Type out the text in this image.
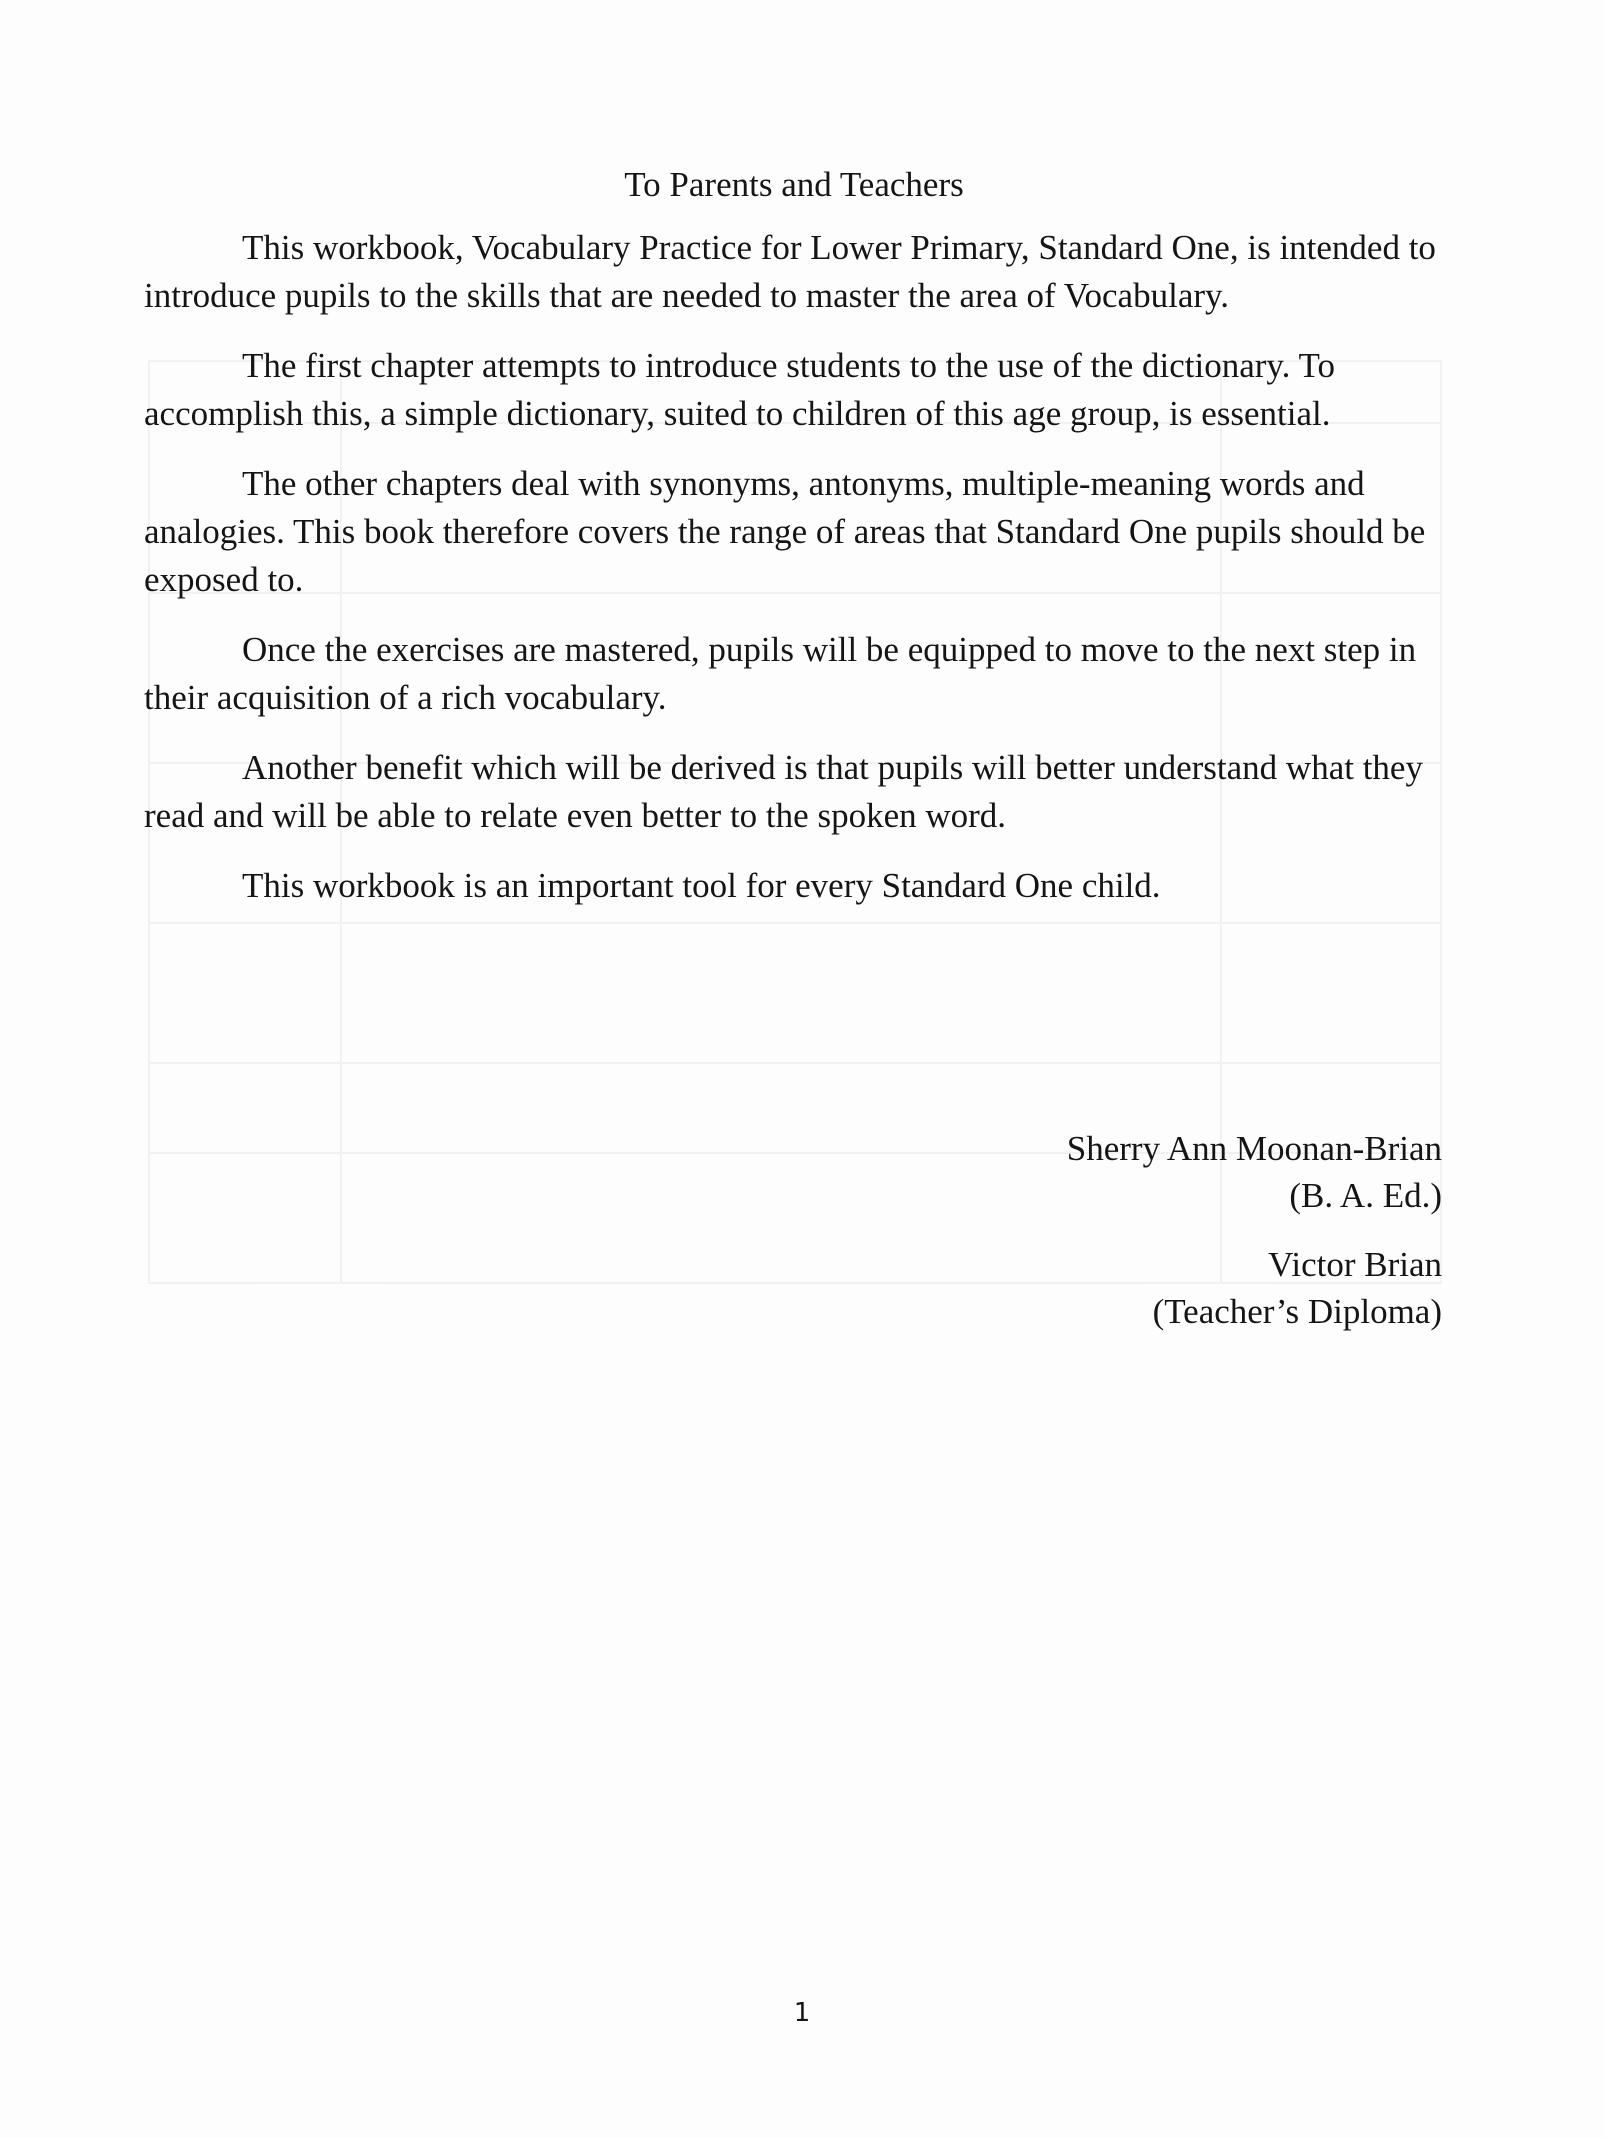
To Parents and Teachers

This workbook, Vocabulary Practice for Lower Primary, Standard One, is intended to introduce pupils to the skills that are needed to master the area of Vocabulary.

The first chapter attempts to introduce students to the use of the dictionary. To accomplish this, a simple dictionary, suited to children of this age group, is essential.

The other chapters deal with synonyms, antonyms, multiple-meaning words and analogies. This book therefore covers the range of areas that Standard One pupils should be exposed to.

Once the exercises are mastered, pupils will be equipped to move to the next step in their acquisition of a rich vocabulary.

Another benefit which will be derived is that pupils will better understand what they read and will be able to relate even better to the spoken word.

This workbook is an important tool for every Standard One child.

Sherry Ann Moonan-Brian
(B. A. Ed.)
Victor Brian
(Teacher’s Diploma)
1
